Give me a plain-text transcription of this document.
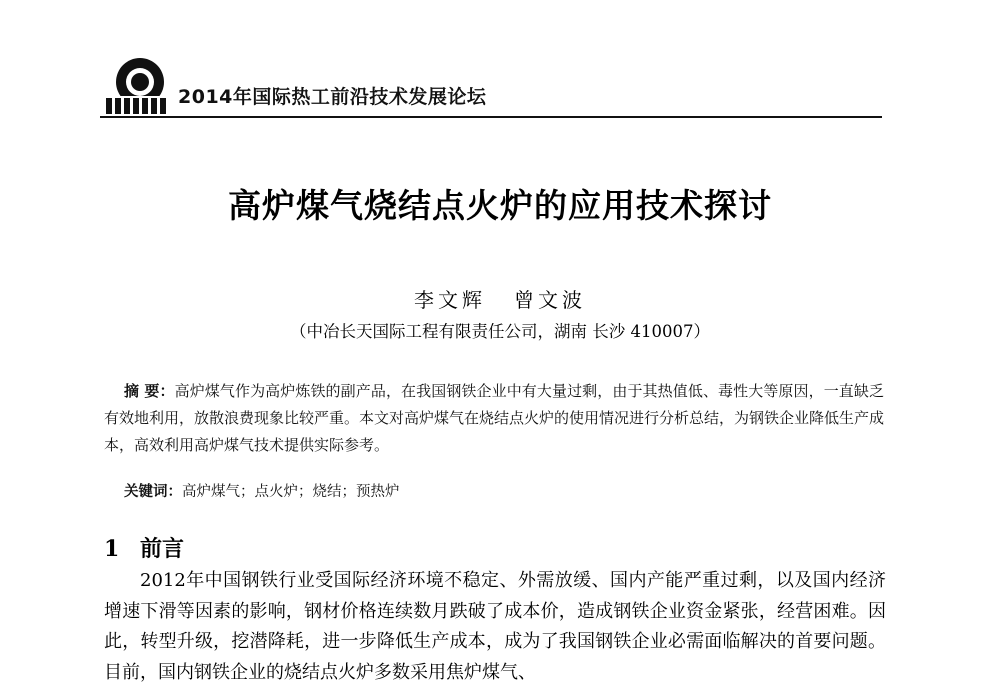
2014年国际热工前沿技术发展论坛
高炉煤气烧结点火炉的应用技术探讨
李文辉 曾文波
（中冶长天国际工程有限责任公司，湖南 长沙 410007）
摘 要：高炉煤气作为高炉炼铁的副产品，在我国钢铁企业中有大量过剩，由于其热值低、毒性大等原因，一直缺乏有效地利用，放散浪费现象比较严重。本文对高炉煤气在烧结点火炉的使用情况进行分析总结，为钢铁企业降低生产成本，高效利用高炉煤气技术提供实际参考。
关键词：高炉煤气；点火炉；烧结；预热炉
1 前言
2012年中国钢铁行业受国际经济环境不稳定、外需放缓、国内产能严重过剩，以及国内经济增速下滑等因素的影响，钢材价格连续数月跌破了成本价，造成钢铁企业资金紧张，经营困难。因此，转型升级，挖潜降耗，进一步降低生产成本，成为了我国钢铁企业必需面临解决的首要问题。目前，国内钢铁企业的烧结点火炉多数采用焦炉煤气、
